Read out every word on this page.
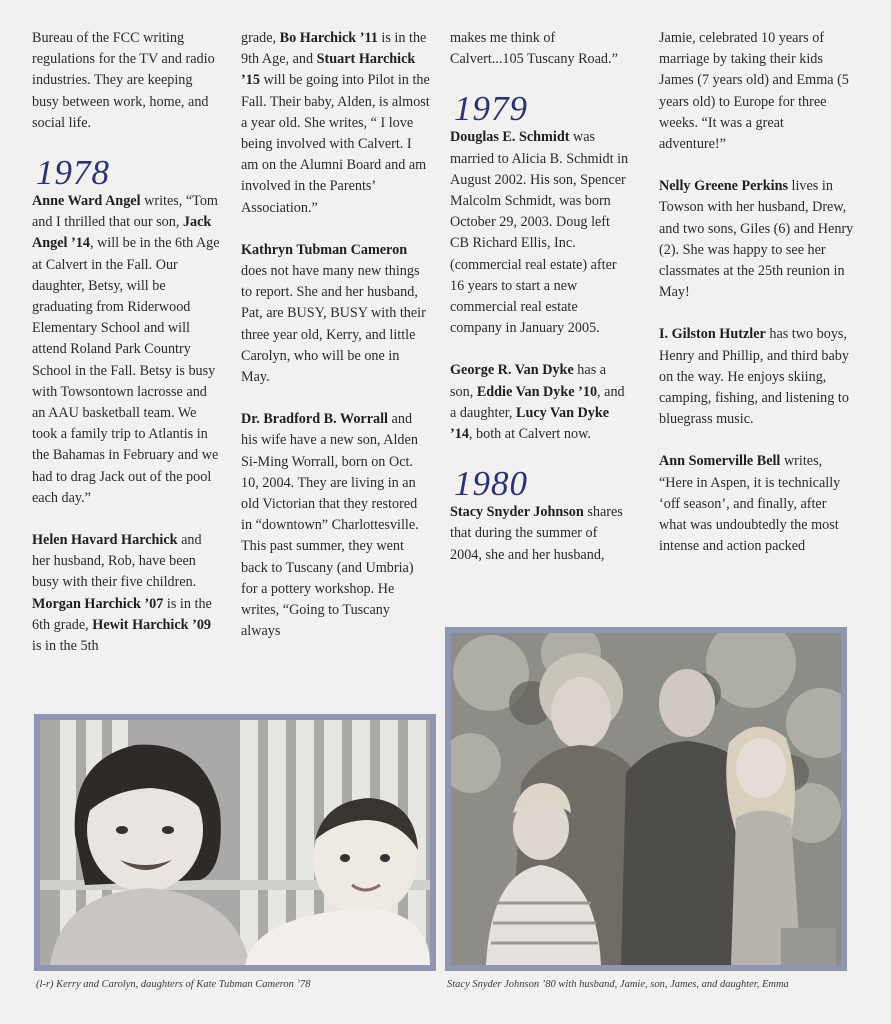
Bureau of the FCC writing regulations for the TV and radio industries. They are keeping busy between work, home, and social life.

1978

Anne Ward Angel writes, “Tom and I thrilled that our son, Jack Angel ’14, will be in the 6th Age at Calvert in the Fall. Our daughter, Betsy, will be graduating from Riderwood Elementary School and will attend Roland Park Country School in the Fall. Betsy is busy with Towsontown lacrosse and an AAU basketball team. We took a family trip to Atlantis in the Bahamas in February and we had to drag Jack out of the pool each day.”

Helen Havard Harchick and her husband, Rob, have been busy with their five children. Morgan Harchick ’07 is in the 6th grade, Hewit Harchick ’09 is in the 5th

grade, Bo Harchick ’11 is in the 9th Age, and Stuart Harchick ’15 will be going into Pilot in the Fall. Their baby, Alden, is almost a year old. She writes, “ I love being involved with Calvert. I am on the Alumni Board and am involved in the Parents’ Association.”

Kathryn Tubman Cameron does not have many new things to report. She and her husband, Pat, are BUSY, BUSY with their three year old, Kerry, and little Carolyn, who will be one in May.

Dr. Bradford B. Worrall and his wife have a new son, Alden Si-Ming Worrall, born on Oct. 10, 2004. They are living in an old Victorian that they restored in “downtown” Charlottesville. This past summer, they went back to Tuscany (and Umbria) for a pottery workshop. He writes, “Going to Tuscany always

makes me think of Calvert...105 Tuscany Road.”

1979

Douglas E. Schmidt was married to Alicia B. Schmidt in August 2002. His son, Spencer Malcolm Schmidt, was born October 29, 2003. Doug left CB Richard Ellis, Inc. (commercial real estate) after 16 years to start a new commercial real estate company in January 2005.

George R. Van Dyke has a son, Eddie Van Dyke ’10, and a daughter, Lucy Van Dyke ’14, both at Calvert now.

1980

Stacy Snyder Johnson shares that during the summer of 2004, she and her husband,

Jamie, celebrated 10 years of marriage by taking their kids James (7 years old) and Emma (5 years old) to Europe for three weeks. “It was a great adventure!”

Nelly Greene Perkins lives in Towson with her husband, Drew, and two sons, Giles (6) and Henry (2). She was happy to see her classmates at the 25th reunion in May!

I. Gilston Hutzler has two boys, Henry and Phillip, and third baby on the way. He enjoys skiing, camping, fishing, and listening to bluegrass music.

Ann Somerville Bell writes, “Here in Aspen, it is technically ‘off season’, and finally, after what was undoubtedly the most intense and action packed

(l-r) Kerry and Carolyn, daughters of Kate Tubman Cameron ’78	Stacy Snyder Johnson ’80 with husband, Jamie, son, James, and daughter, Emma
